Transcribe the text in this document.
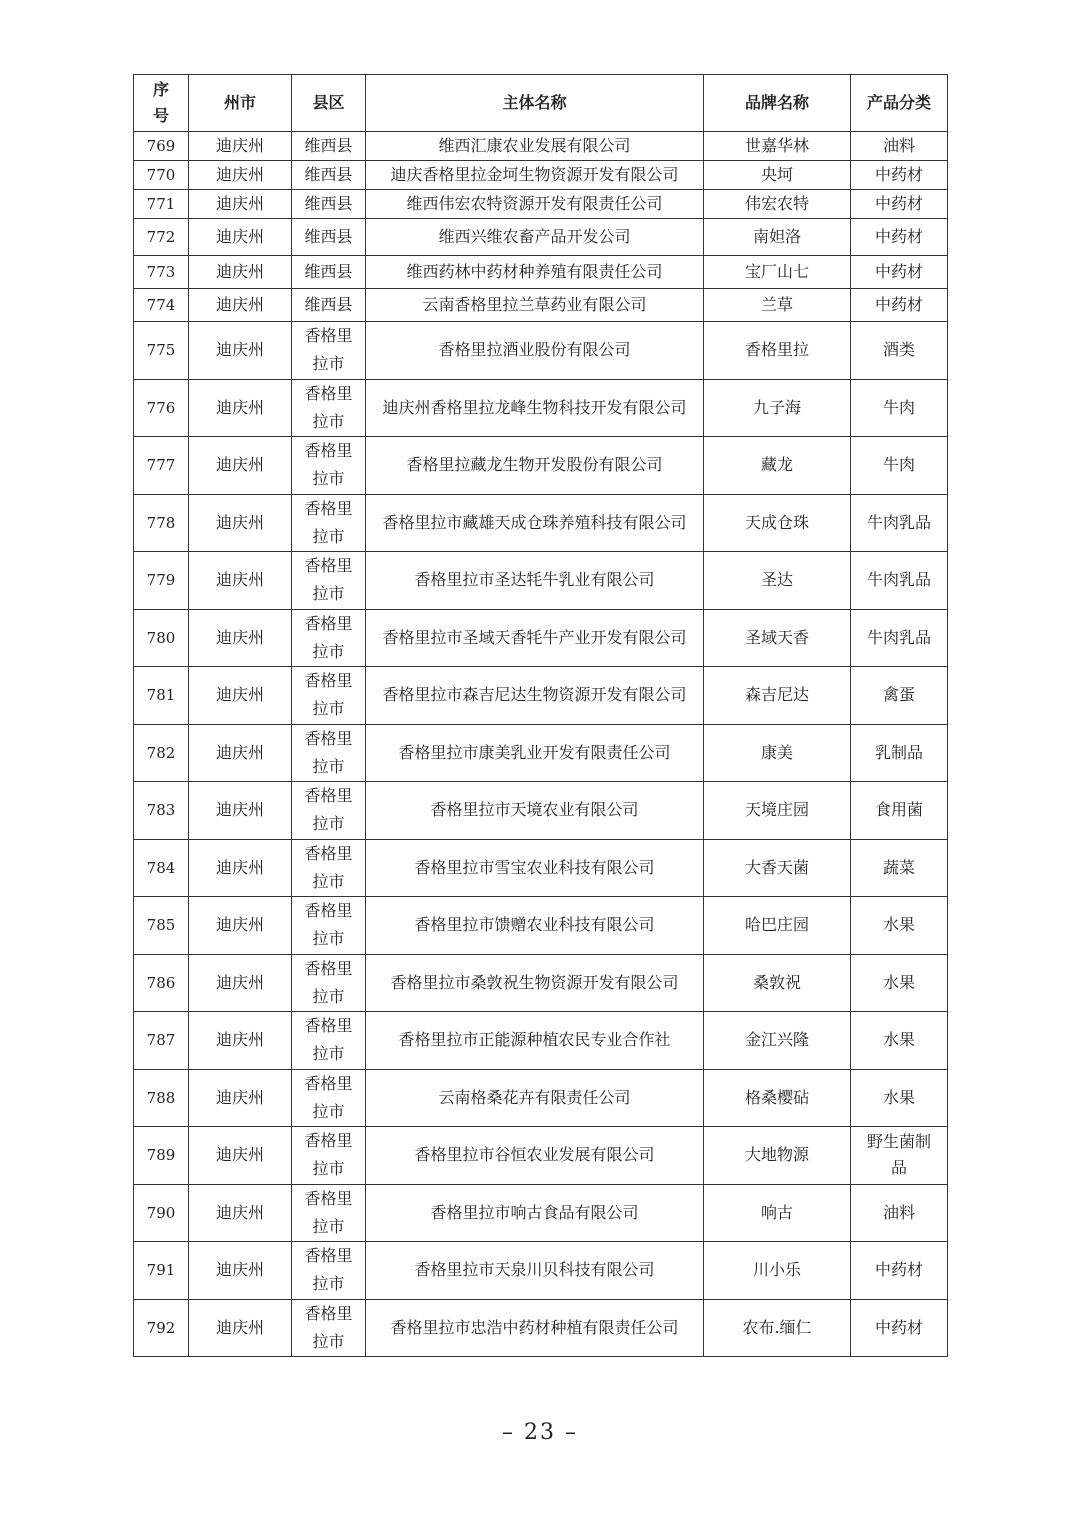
序号	州市	县区	主体名称	品牌名称	产品分类
769	迪庆州	维西县	维西汇康农业发展有限公司	世嘉华林	油料
770	迪庆州	维西县	迪庆香格里拉金坷生物资源开发有限公司	央坷	中药材
771	迪庆州	维西县	维西伟宏农特资源开发有限责任公司	伟宏农特	中药材
772	迪庆州	维西县	维西兴维农畜产品开发公司	南妲洛	中药材
773	迪庆州	维西县	维西药林中药材种养殖有限责任公司	宝厂山七	中药材
774	迪庆州	维西县	云南香格里拉兰草药业有限公司	兰草	中药材
775	迪庆州	香格里拉市	香格里拉酒业股份有限公司	香格里拉	酒类
776	迪庆州	香格里拉市	迪庆州香格里拉龙峰生物科技开发有限公司	九子海	牛肉
777	迪庆州	香格里拉市	香格里拉藏龙生物开发股份有限公司	藏龙	牛肉
778	迪庆州	香格里拉市	香格里拉市藏雄天成仓珠养殖科技有限公司	天成仓珠	牛肉乳品
779	迪庆州	香格里拉市	香格里拉市圣达牦牛乳业有限公司	圣达	牛肉乳品
780	迪庆州	香格里拉市	香格里拉市圣域天香牦牛产业开发有限公司	圣域天香	牛肉乳品
781	迪庆州	香格里拉市	香格里拉市森吉尼达生物资源开发有限公司	森吉尼达	禽蛋
782	迪庆州	香格里拉市	香格里拉市康美乳业开发有限责任公司	康美	乳制品
783	迪庆州	香格里拉市	香格里拉市天境农业有限公司	天境庄园	食用菌
784	迪庆州	香格里拉市	香格里拉市雪宝农业科技有限公司	大香天菌	蔬菜
785	迪庆州	香格里拉市	香格里拉市馈赠农业科技有限公司	哈巴庄园	水果
786	迪庆州	香格里拉市	香格里拉市桑敦祝生物资源开发有限公司	桑敦祝	水果
787	迪庆州	香格里拉市	香格里拉市正能源种植农民专业合作社	金江兴隆	水果
788	迪庆州	香格里拉市	云南格桑花卉有限责任公司	格桑樱砧	水果
789	迪庆州	香格里拉市	香格里拉市谷恒农业发展有限公司	大地物源	野生菌制品
790	迪庆州	香格里拉市	香格里拉市响古食品有限公司	响古	油料
791	迪庆州	香格里拉市	香格里拉市天泉川贝科技有限公司	川小乐	中药材
792	迪庆州	香格里拉市	香格里拉市忠浩中药材种植有限责任公司	农布.缅仁	中药材
– 23 –
